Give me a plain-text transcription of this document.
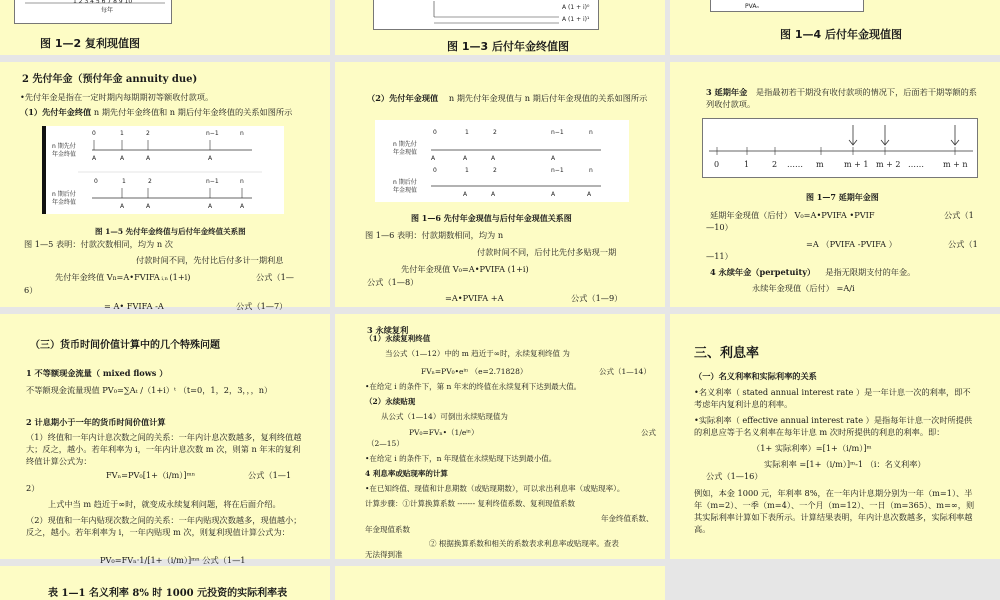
1 2 3 4 5 6 7 8 9 10
每年
图 1—2 复利现值图
A (1 + i)⁰
A (1 + i)¹
图 1—3 后付年金终值图
PVAₙ
图 1—4 后付年金现值图
2 先付年金（预付年金 annuity due)
•先付年金是指在一定时期内每期期初等额收付款项。
（1）先付年金终值 n 期先付年金终值和 n 期后付年金终值的关系如图所示
0	1	2	n−1	n
0	1	2	n−1	n
n 期先付
年金终值
n 期后付
年金终值
A	A	A	A
A	A	A	A
图 1—5 先付年金终值与后付年金终值关系图
图 1—5 表明：付款次数相同，均为 n 次
付款时间不同，先付比后付多计一期利息
先付年金终值 Vn=A•FVIFA i,n (1+i)	公式（1—
6）
= A• FVIFA -A	公式（1—7）
（2）先付年金现值 n 期先付年金现值与 n 期后付年金现值的关系如图所示
0	1	2	n−1	n
n 期先付
年金现值
A	A	A	A
0	1	2	n−1	n
n 期后付
年金现值
A	A	A	A
图 1—6 先付年金现值与后付年金现值关系图
图 1—6 表明：付款期数相同，均为 n
付款时间不同，后付比先付多贴现一期
先付年金现值 V₀=A•PVIFA (1+i)
公式（1—8）
=A•PVIFA +A	公式（1—9）
3 延期年金 是指最初若干期没有收付款项的情况下，后面若干期等额的系列收付款项。
0	1	2 …… m	m + 1 m + 2 …… m + n
图 1—7 延期年金图
延期年金现值（后付） V₀=A•PVIFA •PVIF	公式（1
—10）
=A （PVIFA -PVIFA ）	公式（1
—11）
4 永续年金（perpetuity） 是指无限期支付的年金。
永续年金现值（后付） =A/i
（三）货币时间价值计算中的几个特殊问题
1 不等额现金流量（ mixed flows ）
不等额现金流量现值 PV₀=∑Aₜ /（1+i）ᵗ （t=0，1，2，3，，，n）
2 计息期小于一年的货币时间价值计算
（1）终值和一年内计息次数之间的关系：一年内计息次数越多，复利终值越大；反之，越小。若年利率为 i，一年内计息次数 m 次，则第 n 年末的复利终值计算公式为：
FVₙ=PV₀[1+（i/m）]ᵐⁿ	公式（1—1
2）
上式中当 m 趋近于∞时，就变成永续复利问题，将在后面介绍。
（2）现值和一年内贴现次数之间的关系：一年内贴现次数越多，现值越小；反之，越小。若年利率为 i，一年内贴现 m 次，则复利现值计算公式为：
PV₀=FVₙ·1/[1+（i/m）]ᵐⁿ 公式（1—1
3 永续复利
（1）永续复利终值
当公式（1—12）中的 m 趋近于∞时，永续复利终值 为
FVₙ=PV₀•eⁱⁿ （e=2.71828）	公式（1—14）
•在给定 i 的条件下，第 n 年末的终值在永续复利下达到最大值。
（2）永续贴现
从公式（1—14）可倒出永续贴现值为
PV₀=FVₙ•（1/eⁱⁿ）	公式
（2—15）
•在给定 i 的条件下，n 年现值在永续贴现下达到最小值。
4 利息率或贴现率的计算
•在已知终值、现值和计息期数（或贴现期数），可以求出利息率（或贴现率）。
计算步骤：①计算换算系数 ------- 复利终值系数、复利现值系数
年金终值系数、
年金现值系数
② 根据换算系数和相关的系数表求利息率或贴现率。查表
无法得到准
三、利息率
（一）名义利率和实际利率的关系
•名义利率（ stated annual interest rate ）是一年计息一次的利率，即不考虑年内复利计息的利率。
•实际利率（ effective annual interest rate ）是指每年计息一次时所提供的利息应等于名义利率在每年计息 m 次时所提供的利息的利率。即：
（1+ 实际利率）=[1+（i/m）]ᵐ
实际利率 =[1+（i/m）]ᵐ-1 （i：名义利率）
公式（1—16）
例如，本金 1000 元，年利率 8%，在一年内计息期分别为一年（m=1）、半年（m=2）、一季（m=4）、一个月（m=12）、一日（m=365）、m=∞，则其实际利率计算如下表所示。计算结果表明，年内计息次数越多，实际利率越高。
表 1—1 名义利率 8% 时 1000 元投资的实际利率表
